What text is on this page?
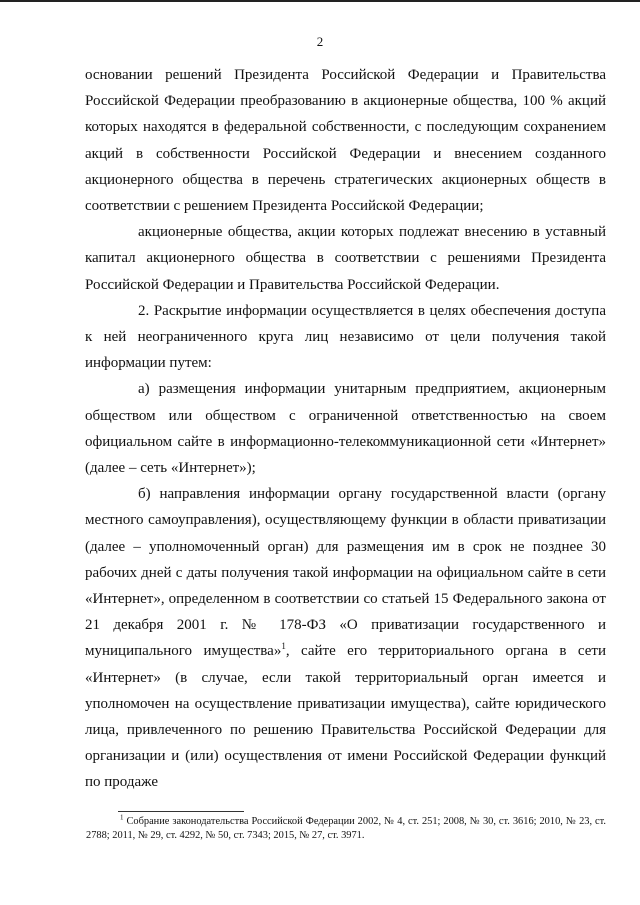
2

основании решений Президента Российской Федерации и Правительства Российской Федерации преобразованию в акционерные общества, 100 % акций которых находятся в федеральной собственности, с последующим сохранением акций в собственности Российской Федерации и внесением созданного акционерного общества в перечень стратегических акционерных обществ в соответствии с решением Президента Российской Федерации;

акционерные общества, акции которых подлежат внесению в уставный капитал акционерного общества в соответствии с решениями Президента Российской Федерации и Правительства Российской Федерации.

2. Раскрытие информации осуществляется в целях обеспечения доступа к ней неограниченного круга лиц независимо от цели получения такой информации путем:

а) размещения информации унитарным предприятием, акционерным обществом или обществом с ограниченной ответственностью на своем официальном сайте в информационно-телекоммуникационной сети «Интернет» (далее – сеть «Интернет»);

б) направления информации органу государственной власти (органу местного самоуправления), осуществляющему функции в области приватизации (далее – уполномоченный орган) для размещения им в срок не позднее 30 рабочих дней с даты получения такой информации на официальном сайте в сети «Интернет», определенном в соответствии со статьей 15 Федерального закона от 21 декабря 2001 г. № 178-ФЗ «О приватизации государственного и муниципального имущества»$^1$, сайте его территориального органа в сети «Интернет» (в случае, если такой территориальный орган имеется и уполномочен на осуществление приватизации имущества), сайте юридического лица, привлеченного по решению Правительства Российской Федерации для организации и (или) осуществления от имени Российской Федерации функций по продаже

$^1$ Собрание законодательства Российской Федерации 2002, № 4, ст. 251; 2008, № 30, ст. 3616; 2010, № 23, ст. 2788; 2011, № 29, ст. 4292, № 50, ст. 7343; 2015, № 27, ст. 3971.
